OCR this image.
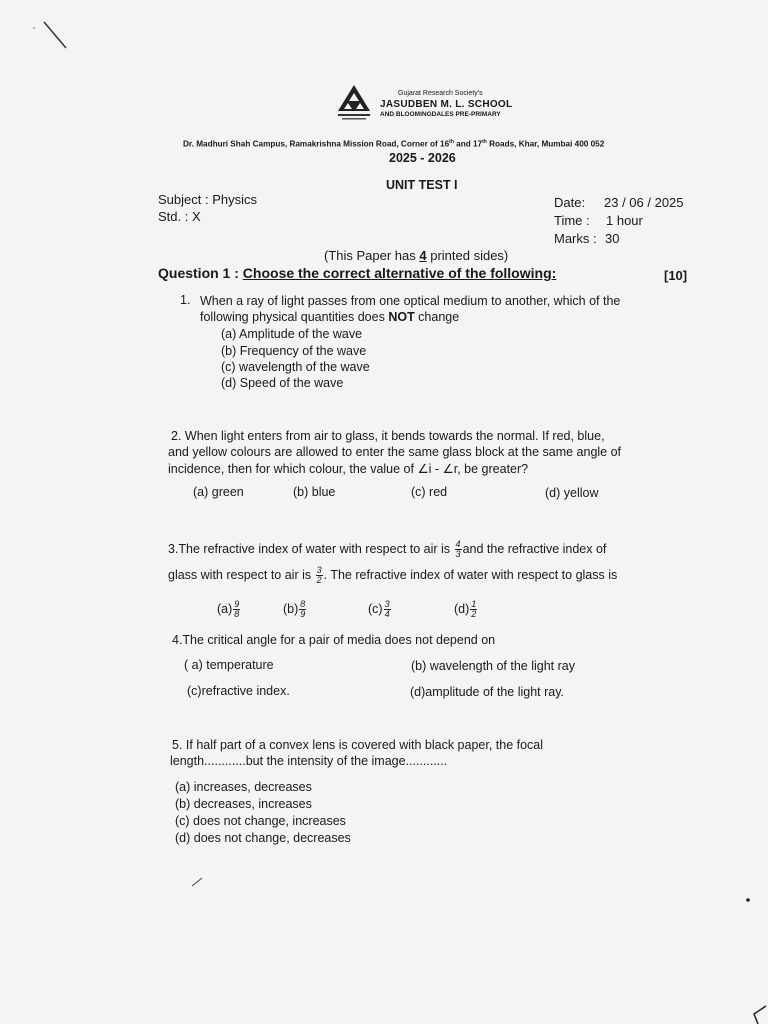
Gujarat Research Society's
JASUDBEN M. L. SCHOOL
AND BLOOMINGDALES PRE-PRIMARY
Dr. Madhuri Shah Campus, Ramakrishna Mission Road, Corner of 16th and 17th Roads, Khar, Mumbai 400 052
2025 - 2026
UNIT TEST I
Subject : Physics
Std. : X
Date: 23 / 06 / 2025
Time : 1 hour
Marks : 30
(This Paper has 4 printed sides)
Question 1 : Choose the correct alternative of the following:	[10]
1. When a ray of light passes from one optical medium to another, which of the
following physical quantities does NOT change
(a) Amplitude of the wave
(b) Frequency of the wave
(c) wavelength of the wave
(d) Speed of the wave
2. When light enters from air to glass, it bends towards the normal. If red, blue,
and yellow colours are allowed to enter the same glass block at the same angle of
incidence, then for which colour, the value of ∠i - ∠r, be greater?
(a) green	(b) blue	(c) red	(d) yellow
3.The refractive index of water with respect to air is $\frac{4}{3}$ and the refractive index of
glass with respect to air is $\frac{3}{2}$ . The refractive index of water with respect to glass is
$(a) \frac{9}{8}$	$(b) \frac{8}{9}$	$(c) \frac{3}{4}$	$(d) \frac{1}{2}$
4.The critical angle for a pair of media does not depend on
( a) temperature	(b) wavelength of the light ray
(c)refractive index.	(d)amplitude of the light ray.
5. If half part of a convex lens is covered with black paper, the focal
length............but the intensity of the image............
(a) increases, decreases
(b) decreases, increases
(c) does not change, increases
(d) does not change, decreases
